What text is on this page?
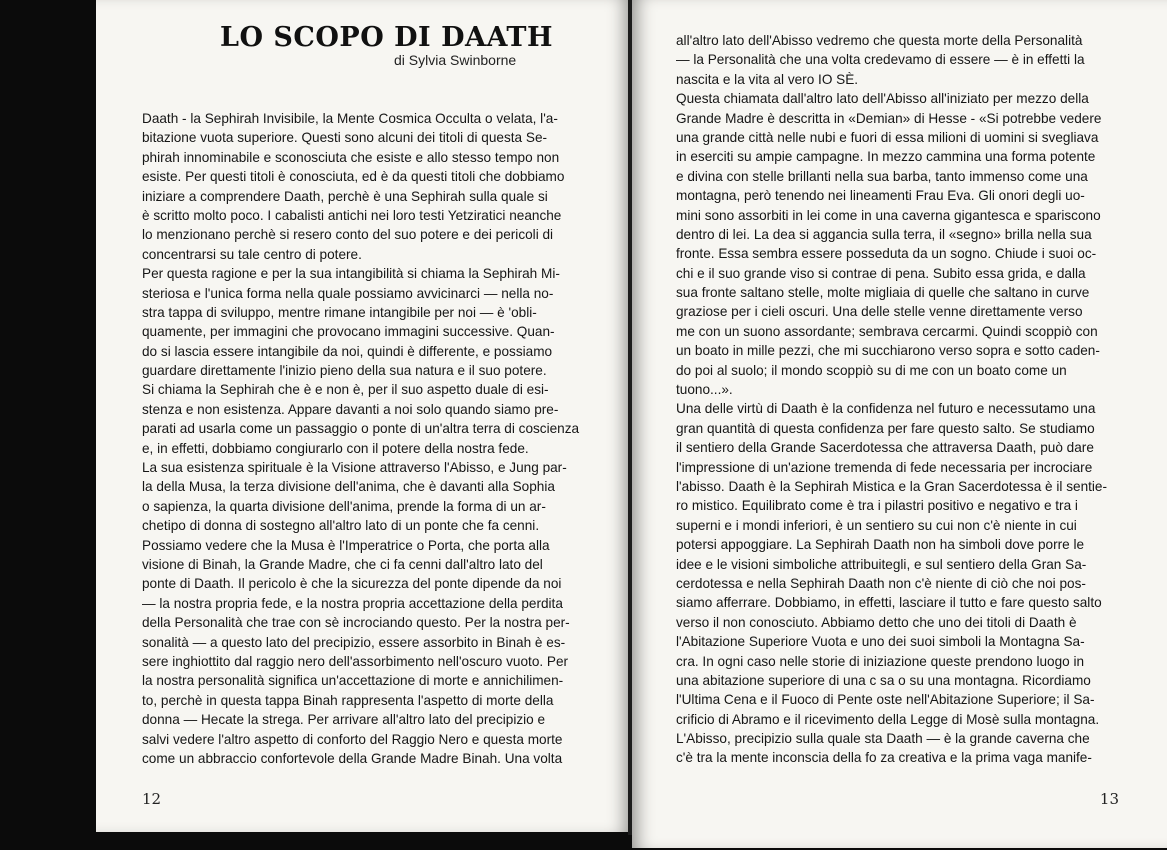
LO SCOPO DI DAATH
di Sylvia Swinborne
Daath - la Sephirah Invisibile, la Mente Cosmica Occulta o velata, l'a-
bitazione vuota superiore. Questi sono alcuni dei titoli di questa Se-
phirah innominabile e sconosciuta che esiste e allo stesso tempo non
esiste. Per questi titoli è conosciuta, ed è da questi titoli che dobbiamo
iniziare a comprendere Daath, perchè è una Sephirah sulla quale si
è scritto molto poco. I cabalisti antichi nei loro testi Yetziratici neanche
lo menzionano perchè si resero conto del suo potere e dei pericoli di
concentrarsi su tale centro di potere.
Per questa ragione e per la sua intangibilità si chiama la Sephirah Mi-
steriosa e l'unica forma nella quale possiamo avvicinarci — nella no-
stra tappa di sviluppo, mentre rimane intangibile per noi — è 'obli-
quamente, per immagini che provocano immagini successive. Quan-
do si lascia essere intangibile da noi, quindi è differente, e possiamo
guardare direttamente l'inizio pieno della sua natura e il suo potere.
Si chiama la Sephirah che è e non è, per il suo aspetto duale di esi-
stenza e non esistenza. Appare davanti a noi solo quando siamo pre-
parati ad usarla come un passaggio o ponte di un'altra terra di coscienza
e, in effetti, dobbiamo congiurarlo con il potere della nostra fede.
La sua esistenza spirituale è la Visione attraverso l'Abisso, e Jung par-
la della Musa, la terza divisione dell'anima, che è davanti alla Sophia
o sapienza, la quarta divisione dell'anima, prende la forma di un ar-
chetipo di donna di sostegno all'altro lato di un ponte che fa cenni.
Possiamo vedere che la Musa è l'Imperatrice o Porta, che porta alla
visione di Binah, la Grande Madre, che ci fa cenni dall'altro lato del
ponte di Daath. Il pericolo è che la sicurezza del ponte dipende da noi
— la nostra propria fede, e la nostra propria accettazione della perdita
della Personalità che trae con sè incrociando questo. Per la nostra per-
sonalità — a questo lato del precipizio, essere assorbito in Binah è es-
sere inghiottito dal raggio nero dell'assorbimento nell'oscuro vuoto. Per
la nostra personalità significa un'accettazione di morte e annichilimen-
to, perchè in questa tappa Binah rappresenta l'aspetto di morte della
donna — Hecate la strega. Per arrivare all'altro lato del precipizio e
salvi vedere l'altro aspetto di conforto del Raggio Nero e questa morte
come un abbraccio confortevole della Grande Madre Binah. Una volta
12
all'altro lato dell'Abisso vedremo che questa morte della Personalità
— la Personalità che una volta credevamo di essere — è in effetti la
nascita e la vita al vero IO SÈ.
Questa chiamata dall'altro lato dell'Abisso all'iniziato per mezzo della
Grande Madre è descritta in «Demian» di Hesse - «Si potrebbe vedere
una grande città nelle nubi e fuori di essa milioni di uomini si svegliava
in eserciti su ampie campagne. In mezzo cammina una forma potente
e divina con stelle brillanti nella sua barba, tanto immenso come una
montagna, però tenendo nei lineamenti Frau Eva. Gli onori degli uo-
mini sono assorbiti in lei come in una caverna gigantesca e spariscono
dentro di lei. La dea si aggancia sulla terra, il «segno» brilla nella sua
fronte. Essa sembra essere posseduta da un sogno. Chiude i suoi oc-
chi e il suo grande viso si contrae di pena. Subito essa grida, e dalla
sua fronte saltano stelle, molte migliaia di quelle che saltano in curve
graziose per i cieli oscuri. Una delle stelle venne direttamente verso
me con un suono assordante; sembrava cercarmi. Quindi scoppiò con
un boato in mille pezzi, che mi succhiarono verso sopra e sotto caden-
do poi al suolo; il mondo scoppiò su di me con un boato come un
tuono...».
Una delle virtù di Daath è la confidenza nel futuro e necessutamo una
gran quantità di questa confidenza per fare questo salto. Se studiamo
il sentiero della Grande Sacerdotessa che attraversa Daath, può dare
l'impressione di un'azione tremenda di fede necessaria per incrociare
l'abisso. Daath è la Sephirah Mistica e la Gran Sacerdotessa è il sentie-
ro mistico. Equilibrato come è tra i pilastri positivo e negativo e tra i
superni e i mondi inferiori, è un sentiero su cui non c'è niente in cui
potersi appoggiare. La Sephirah Daath non ha simboli dove porre le
idee e le visioni simboliche attribuitegli, e sul sentiero della Gran Sa-
cerdotessa e nella Sephirah Daath non c'è niente di ciò che noi pos-
siamo afferrare. Dobbiamo, in effetti, lasciare il tutto e fare questo salto
verso il non conosciuto. Abbiamo detto che uno dei titoli di Daath è
l'Abitazione Superiore Vuota e uno dei suoi simboli la Montagna Sa-
cra. In ogni caso nelle storie di iniziazione queste prendono luogo in
una abitazione superiore di una c sa o su una montagna. Ricordiamo
l'Ultima Cena e il Fuoco di Pente oste nell'Abitazione Superiore; il Sa-
crificio di Abramo e il ricevimento della Legge di Mosè sulla montagna.
L'Abisso, precipizio sulla quale sta Daath — è la grande caverna che
c'è tra la mente inconscia della fo za creativa e la prima vaga manife-
13
